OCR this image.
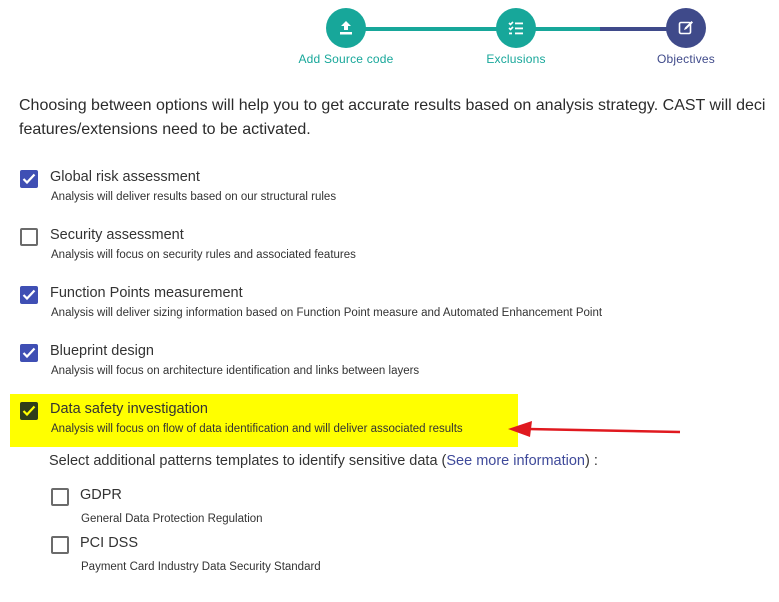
Add Source code	Exclusions	Objectives
Choosing between options will help you to get accurate results based on analysis strategy. CAST will deci
features/extensions need to be activated.
Global risk assessment
Analysis will deliver results based on our structural rules
Security assessment
Analysis will focus on security rules and associated features
Function Points measurement
Analysis will deliver sizing information based on Function Point measure and Automated Enhancement Point
Blueprint design
Analysis will focus on architecture identification and links between layers
Data safety investigation
Analysis will focus on flow of data identification and will deliver associated results
Select additional patterns templates to identify sensitive data (See more information) :
GDPR
General Data Protection Regulation
PCI DSS
Payment Card Industry Data Security Standard
